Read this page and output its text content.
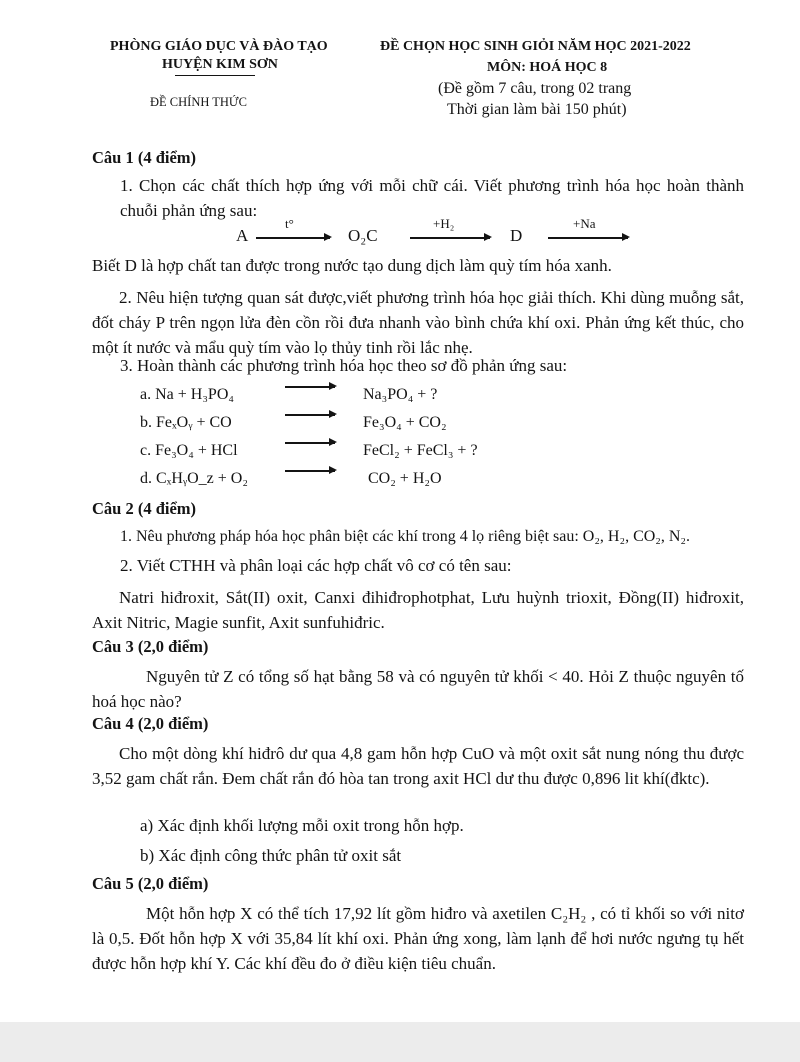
PHÒNG GIÁO DỤC VÀ ĐÀO TẠO
HUYỆN KIM SƠN
ĐỀ CHÍNH THỨC
ĐỀ CHỌN HỌC SINH GIỎI NĂM HỌC 2021-2022
MÔN: HOÁ HỌC 8
(Đề gồm 7 câu, trong 02 trang
Thời gian làm bài 150 phút)
Câu 1 (4 điểm)
1. Chọn các chất thích hợp ứng với mỗi chữ cái. Viết phương trình hóa học hoàn thành chuỗi phản ứng sau:
A
t°
O₂C
+H₂
D
+Na
Biết D là hợp chất tan được trong nước tạo dung dịch làm quỳ tím hóa xanh.
2. Nêu hiện tượng quan sát được,viết phương trình hóa học giải thích. Khi dùng muỗng sắt, đốt cháy P trên ngọn lửa đèn cồn rồi đưa nhanh vào bình chứa khí oxi. Phản ứng kết thúc, cho một ít nước và mẩu quỳ tím vào lọ thủy tinh rồi lắc nhẹ.
3. Hoàn thành các phương trình hóa học theo sơ đồ phản ứng sau:
a. Na + H₃PO₄	Na₃PO₄ + ?
b. FeₓOᵧ + CO	Fe₃O₄ + CO₂
c. Fe₃O₄ + HCl	FeCl₂ + FeCl₃ + ?
d. CₓHᵧO_z + O₂	CO₂ + H₂O
Câu 2 (4 điểm)
1. Nêu phương pháp hóa học phân biệt các khí trong 4 lọ riêng biệt sau: O₂, H₂, CO₂, N₂.
2. Viết CTHH và phân loại các hợp chất vô cơ có tên sau:
Natri hiđroxit, Sắt(II) oxit, Canxi đihiđrophotphat, Lưu huỳnh trioxit, Đồng(II) hiđroxit, Axit Nitric, Magie sunfit, Axit sunfuhiđric.
Câu 3 (2,0 điểm)
Nguyên tử Z có tổng số hạt bằng 58 và có nguyên tử khối < 40. Hỏi Z thuộc nguyên tố hoá học nào?
Câu 4 (2,0 điểm)
Cho một dòng khí hiđrô dư qua 4,8 gam hỗn hợp CuO và một oxit sắt nung nóng thu được 3,52 gam chất rắn. Đem chất rắn đó hòa tan trong axit HCl dư thu được 0,896 lit khí(đktc).
a) Xác định khối lượng mỗi oxit trong hỗn hợp.
b) Xác định công thức phân tử oxit sắt
Câu 5 (2,0 điểm)
Một hỗn hợp X có thể tích 17,92 lít gồm hiđro và axetilen C₂H₂ , có tỉ khối so với nitơ là 0,5. Đốt hỗn hợp X với 35,84 lít khí oxi. Phản ứng xong, làm lạnh để hơi nước ngưng tụ hết được hỗn hợp khí Y. Các khí đều đo ở điều kiện tiêu chuẩn.
